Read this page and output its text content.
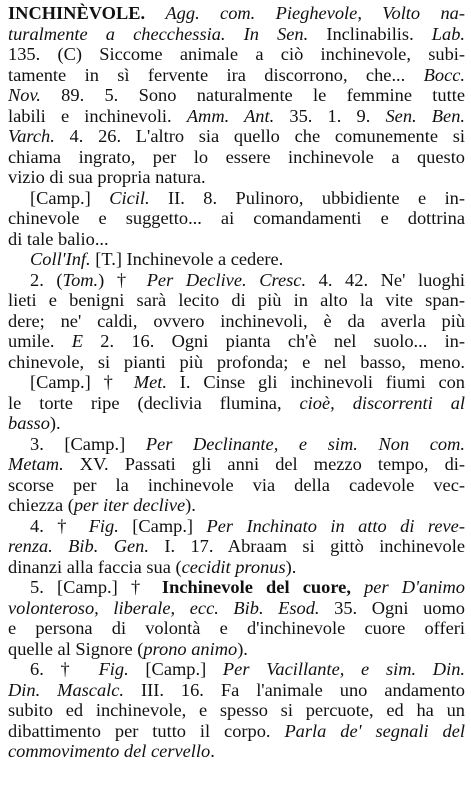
INCHINÈVOLE. Agg. com. Pieghevole, Volto na-
turalmente a checchessia. In Sen. Inclinabilis. Lab.
135. (C) Siccome animale a ciò inchinevole, subi-
tamente in sì fervente ira discorrono, che... Bocc.
Nov. 89. 5. Sono naturalmente le femmine tutte
labili e inchinevoli. Amm. Ant. 35. 1. 9. Sen. Ben.
Varch. 4. 26. L'altro sia quello che comunemente si
chiama ingrato, per lo essere inchinevole a questo
vizio di sua propria natura.
[Camp.] Cicil. II. 8. Pulinoro, ubbidiente e in-
chinevole e suggetto... ai comandamenti e dottrina
di tale balio...
Coll'Inf. [T.] Inchinevole a cedere.
2. (Tom.) † Per Declive. Cresc. 4. 42. Ne' luoghi
lieti e benigni sarà lecito di più in alto la vite span-
dere; ne' caldi, ovvero inchinevoli, è da averla più
umile. E 2. 16. Ogni pianta ch'è nel suolo... in-
chinevole, si pianti più profonda; e nel basso, meno.
[Camp.] † Met. I. Cinse gli inchinevoli fiumi con
le torte ripe (declivia flumina, cioè, discorrenti al
basso).
3. [Camp.] Per Declinante, e sim. Non com.
Metam. XV. Passati gli anni del mezzo tempo, di-
scorse per la inchinevole via della cadevole vec-
chiezza (per iter declive).
4. † Fig. [Camp.] Per Inchinato in atto di reve-
renza. Bib. Gen. I. 17. Abraam si gittò inchinevole
dinanzi alla faccia sua (cecidit pronus).
5. [Camp.] † Inchinevole del cuore, per D'animo
volonteroso, liberale, ecc. Bib. Esod. 35. Ogni uomo
e persona di volontà e d'inchinevole cuore offeri
quelle al Signore (prono animo).
6. † Fig. [Camp.] Per Vacillante, e sim. Din.
Din. Mascalc. III. 16. Fa l'animale uno andamento
subito ed inchinevole, e spesso si percuote, ed ha un
dibattimento per tutto il corpo. Parla de' segnali del
commovimento del cervello.
